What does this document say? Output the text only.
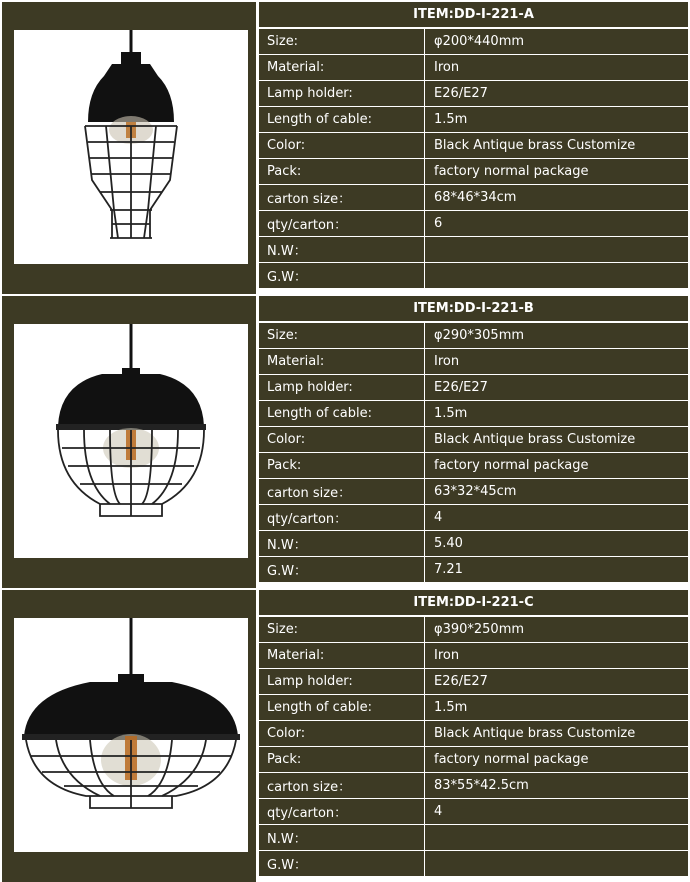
ITEM:DD-I-221-A
Size:	φ200*440mm
Material:	Iron
Lamp holder:	E26/E27
Length of cable:	1.5m
Color:	Black Antique brass Customize
Pack:	factory normal package
carton size：	68*46*34cm
qty/carton：	6
N.W：
G.W：
ITEM:DD-I-221-B
Size:	φ290*305mm
Material:	Iron
Lamp holder:	E26/E27
Length of cable:	1.5m
Color:	Black Antique brass Customize
Pack:	factory normal package
carton size：	63*32*45cm
qty/carton：	4
N.W：	5.40
G.W：	7.21
ITEM:DD-I-221-C
Size:	φ390*250mm
Material:	Iron
Lamp holder:	E26/E27
Length of cable:	1.5m
Color:	Black Antique brass Customize
Pack:	factory normal package
carton size：	83*55*42.5cm
qty/carton：	4
N.W：
G.W：
